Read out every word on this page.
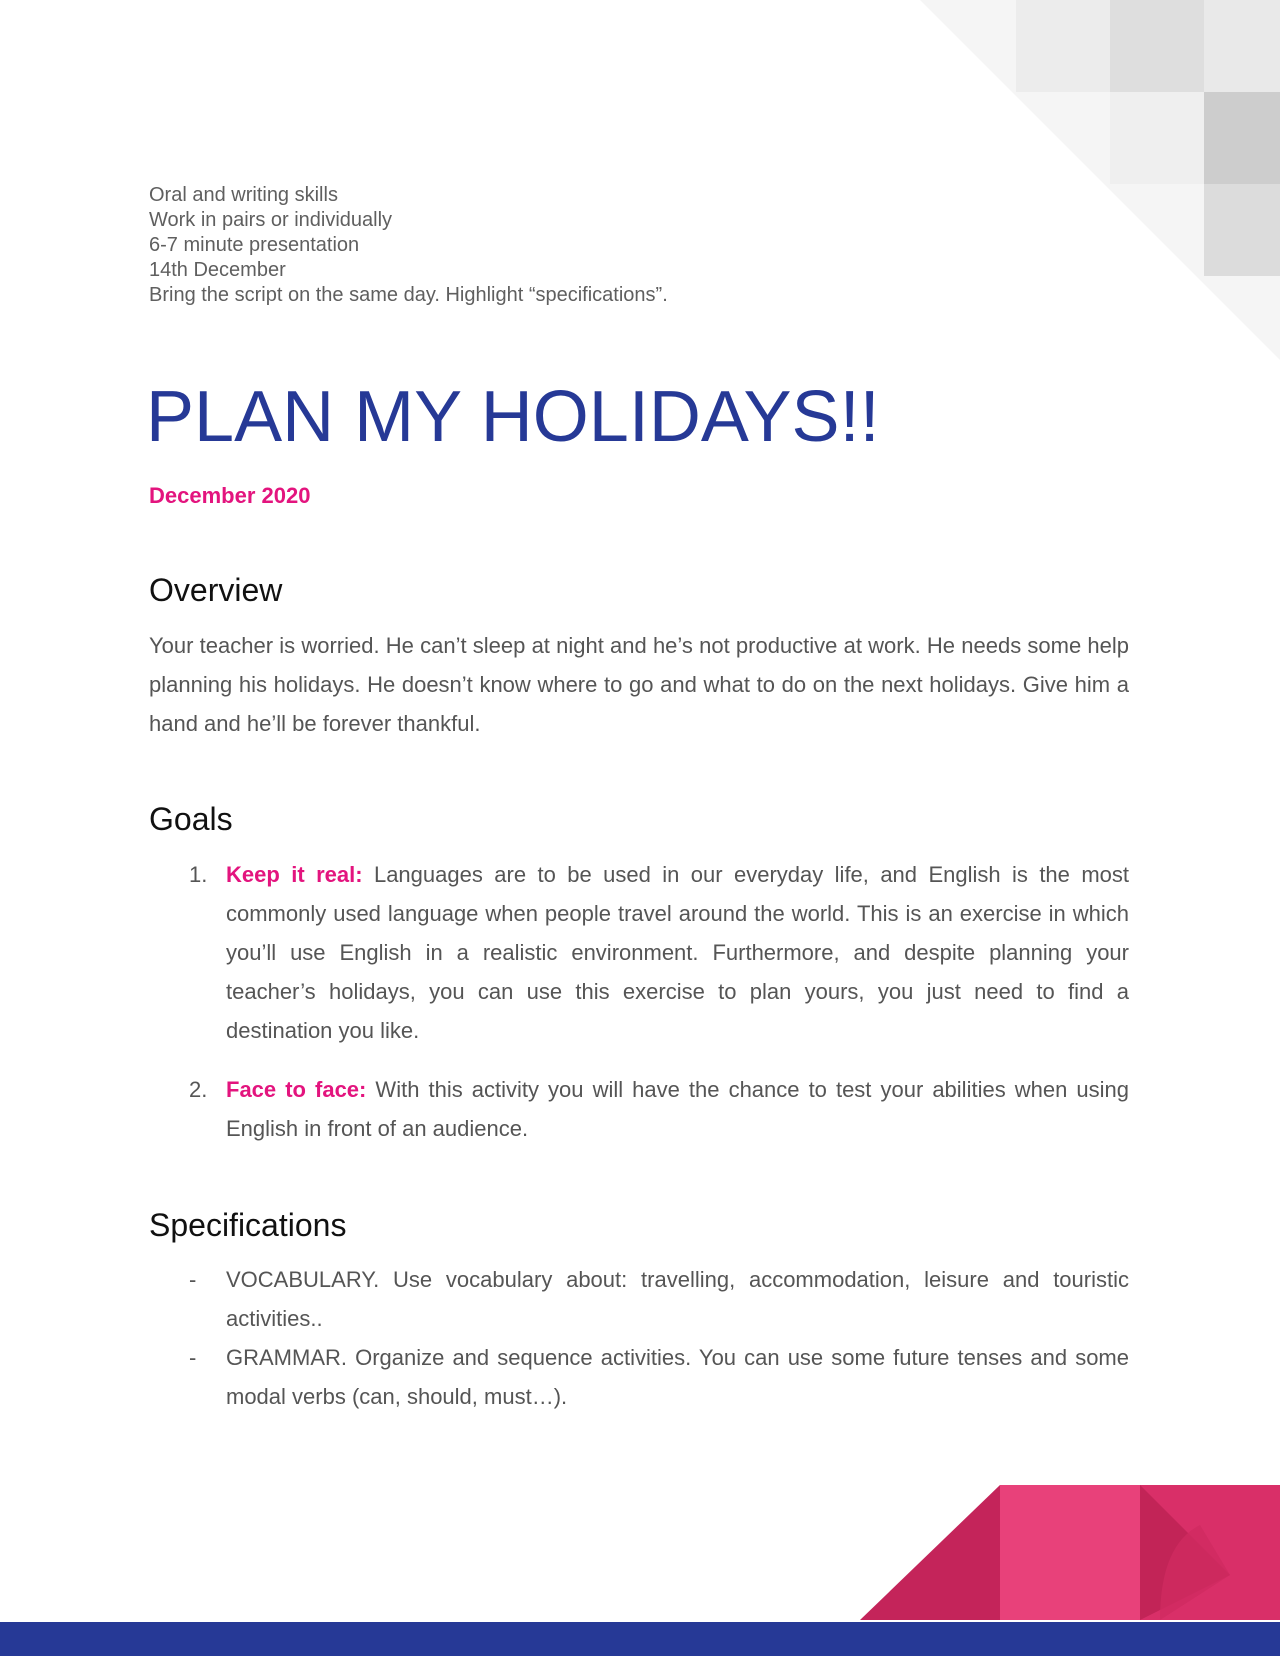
Oral and writing skills
Work in pairs or individually
6-7 minute presentation
14th December
Bring the script on the same day. Highlight “specifications”.
PLAN MY HOLIDAYS!!
December 2020
Overview

Your teacher is worried. He can’t sleep at night and he’s not productive at work. He needs some help planning his holidays. He doesn’t know where to go and what to do on the next holidays. Give him a hand and he’ll be forever thankful.

Goals
1. Keep it real: Languages are to be used in our everyday life, and English is the most commonly used language when people travel around the world. This is an exercise in which you’ll use English in a realistic environment. Furthermore, and despite planning your teacher’s holidays, you can use this exercise to plan yours, you just need to find a destination you like.
2. Face to face: With this activity you will have the chance to test your abilities when using English in front of an audience.
Specifications
- VOCABULARY. Use vocabulary about: travelling, accommodation, leisure and touristic activities..
- GRAMMAR. Organize and sequence activities. You can use some future tenses and some modal verbs (can, should, must…).
